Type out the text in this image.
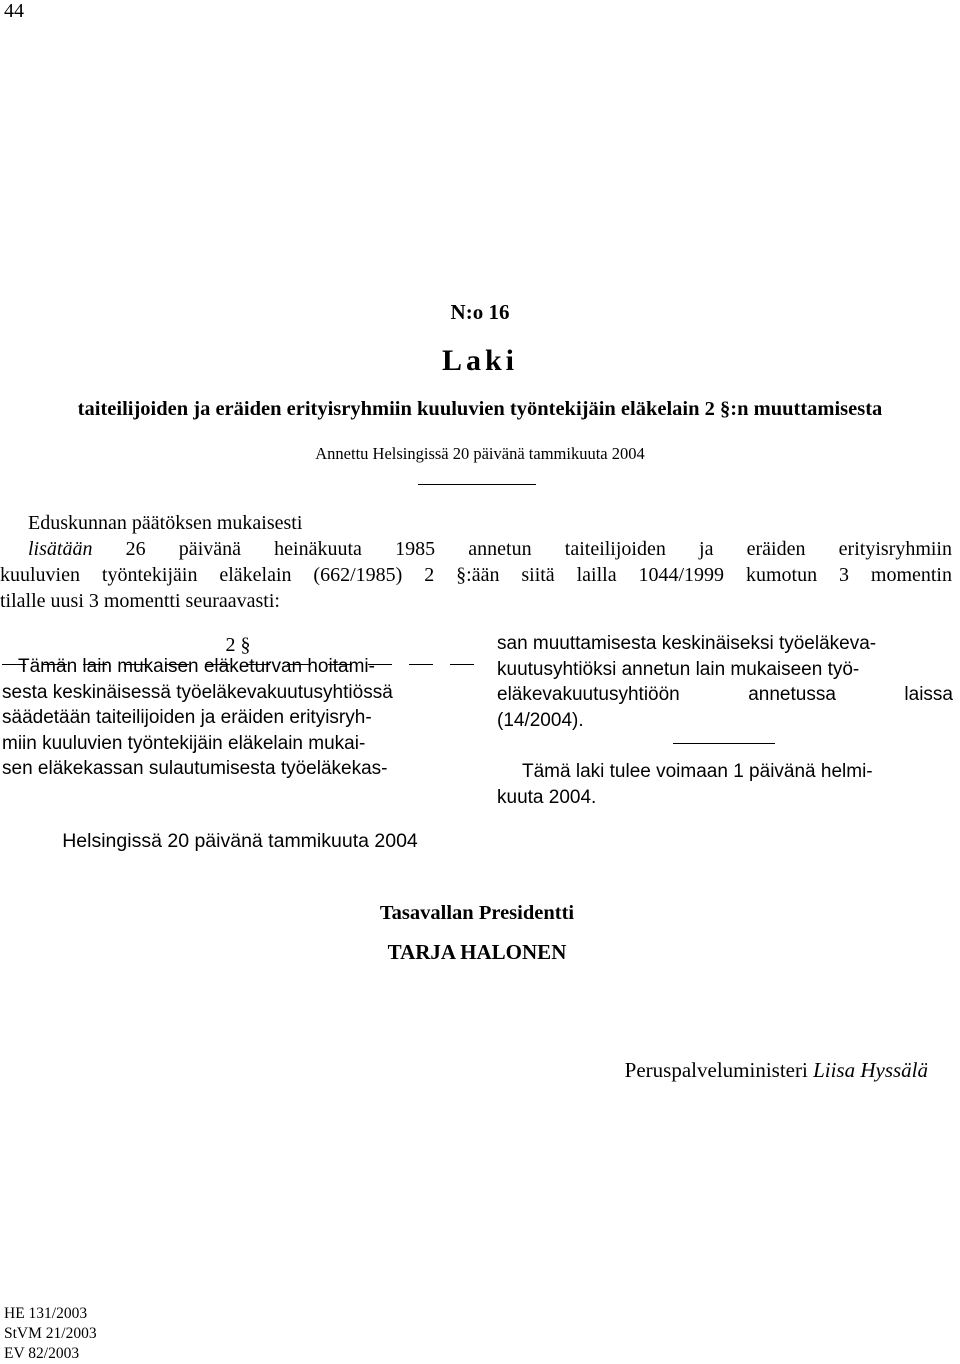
44
N:o 16
Laki
taiteilijoiden ja eräiden erityisryhmiin kuuluvien työntekijäin eläkelain 2 §:n muuttamisesta
Annettu Helsingissä 20 päivänä tammikuuta 2004
Eduskunnan päätöksen mukaisesti
lisätään 26 päivänä heinäkuuta 1985 annetun taiteilijoiden ja eräiden erityisryhmiin
kuuluvien työntekijäin eläkelain (662/1985) 2 §:ään siitä lailla 1044/1999 kumotun 3 momentin
tilalle uusi 3 momentti seuraavasti:
2 §
Tämän lain mukaisen eläketurvan hoitami-
sesta keskinäisessä työeläkevakuutusyhtiössä
säädetään taiteilijoiden ja eräiden erityisryh-
miin kuuluvien työntekijäin eläkelain mukai-
sen eläkekassan sulautumisesta työeläkekas-
san muuttamisesta keskinäiseksi työeläkeva-
kuutusyhtiöksi annetun lain mukaiseen työ-
eläkevakuutusyhtiöön annetussa laissa
(14/2004).
Tämä laki tulee voimaan 1 päivänä helmi-
kuuta 2004.
Helsingissä 20 päivänä tammikuuta 2004
Tasavallan Presidentti
TARJA HALONEN
Peruspalveluministeri Liisa Hyssälä
HE 131/2003
StVM 21/2003
EV 82/2003
